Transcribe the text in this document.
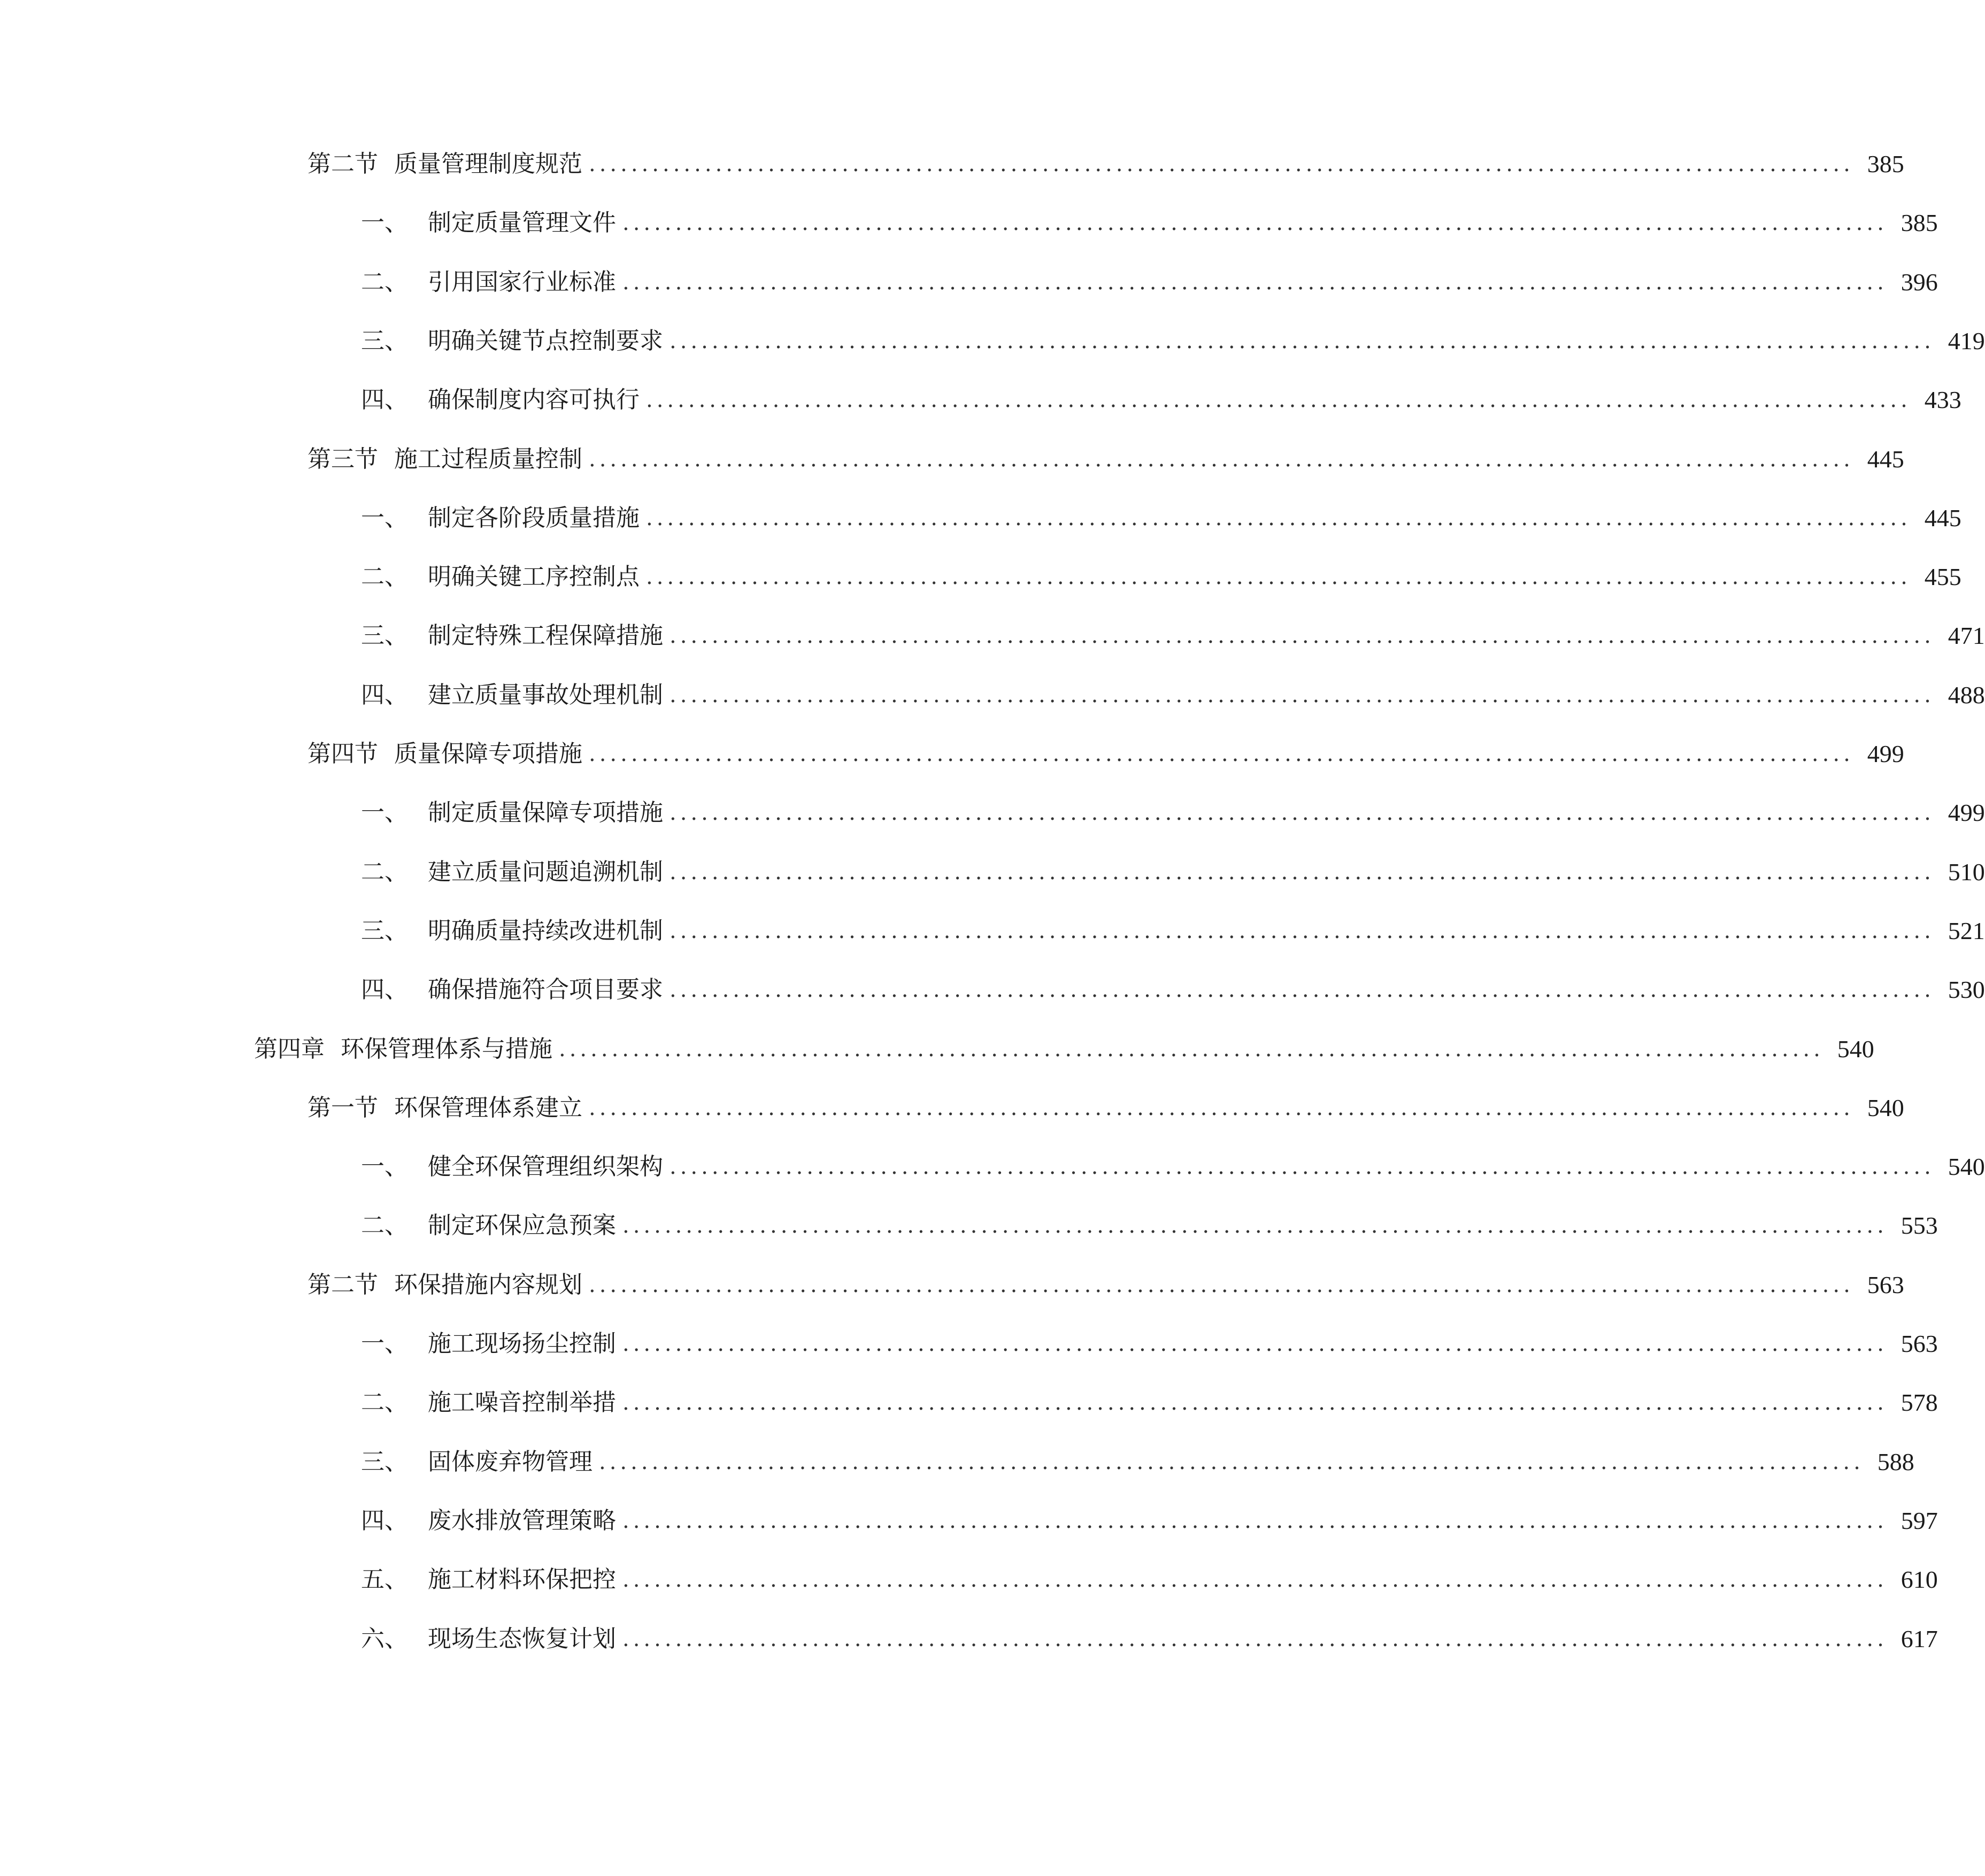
第二节 质量管理制度规范 ........................................................................................................................ 385
一、 制定质量管理文件 ........................................................................................................................ 385
二、 引用国家行业标准 ........................................................................................................................ 396
三、 明确关键节点控制要求 ........................................................................................................................ 419
四、 确保制度内容可执行 ........................................................................................................................ 433
第三节 施工过程质量控制 ........................................................................................................................ 445
一、 制定各阶段质量措施 ........................................................................................................................ 445
二、 明确关键工序控制点 ........................................................................................................................ 455
三、 制定特殊工程保障措施 ........................................................................................................................ 471
四、 建立质量事故处理机制 ........................................................................................................................ 488
第四节 质量保障专项措施 ........................................................................................................................ 499
一、 制定质量保障专项措施 ........................................................................................................................ 499
二、 建立质量问题追溯机制 ........................................................................................................................ 510
三、 明确质量持续改进机制 ........................................................................................................................ 521
四、 确保措施符合项目要求 ........................................................................................................................ 530
第四章 环保管理体系与措施 ........................................................................................................................ 540
第一节 环保管理体系建立 ........................................................................................................................ 540
一、 健全环保管理组织架构 ........................................................................................................................ 540
二、 制定环保应急预案 ........................................................................................................................ 553
第二节 环保措施内容规划 ........................................................................................................................ 563
一、 施工现场扬尘控制 ........................................................................................................................ 563
二、 施工噪音控制举措 ........................................................................................................................ 578
三、 固体废弃物管理 ........................................................................................................................ 588
四、 废水排放管理策略 ........................................................................................................................ 597
五、 施工材料环保把控 ........................................................................................................................ 610
六、 现场生态恢复计划 ........................................................................................................................ 617
